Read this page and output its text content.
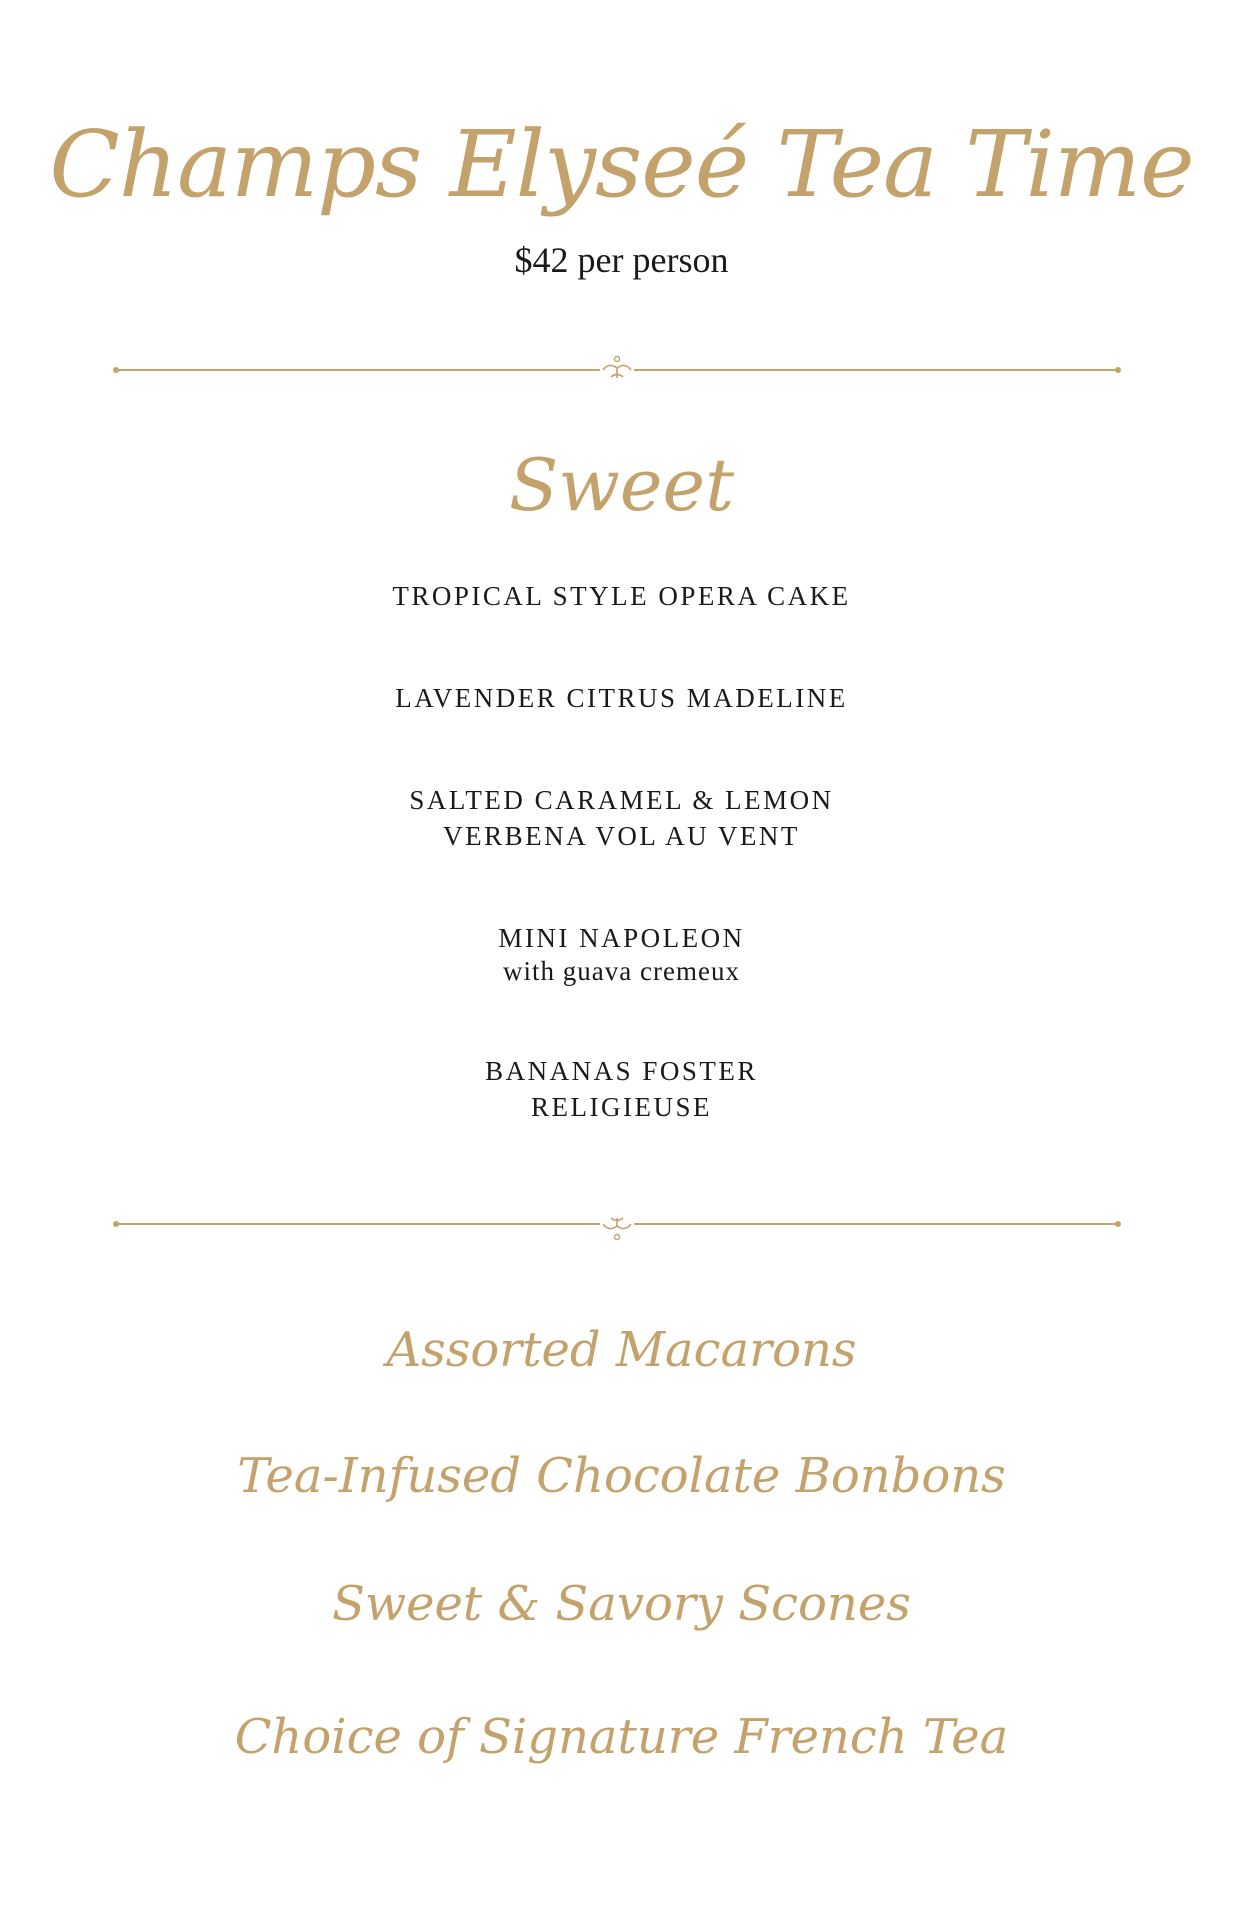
Champs Elyseé Tea Time
$42 per person
Sweet
TROPICAL STYLE OPERA CAKE
LAVENDER CITRUS MADELINE
SALTED CARAMEL & LEMON
VERBENA VOL AU VENT
MINI NAPOLEON
with guava cremeux
BANANAS FOSTER
RELIGIEUSE
Assorted Macarons
Tea-Infused Chocolate Bonbons
Sweet & Savory Scones
Choice of Signature French Tea
